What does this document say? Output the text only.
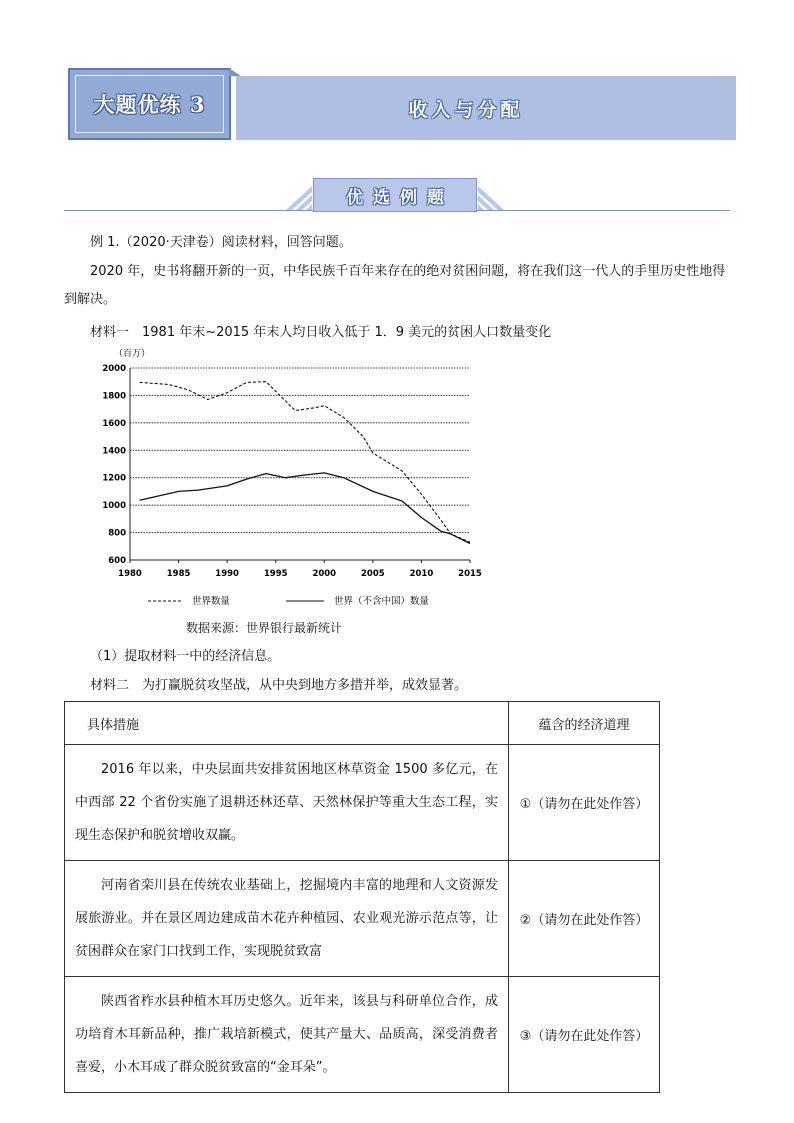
大题优练 3	收入与分配
优选例题
例 1.（2020·天津卷）阅读材料，回答问题。
2020 年，史书将翻开新的一页，中华民族千百年来存在的绝对贫困问题，将在我们这一代人的手里历史性地得到解决。
材料一　1981 年末~2015 年末人均日收入低于 1．9 美元的贫困人口数量变化
（百万）
2000
1800
1600
1400
1200
1000
800
600
1980	1985	1990	1995	2000	2005	2010	2015
世界数量	世界（不含中国）数量
数据来源：世界银行最新统计
（1）提取材料一中的经济信息。
材料二　为打赢脱贫攻坚战，从中央到地方多措并举，成效显著。
具体措施	蕴含的经济道理
2016 年以来，中央层面共安排贫困地区林草资金 1500 多亿元，在中西部 22 个省份实施了退耕还林还草、天然林保护等重大生态工程，实现生态保护和脱贫增收双赢。	①（请勿在此处作答）
河南省栾川县在传统农业基础上，挖掘境内丰富的地理和人文资源发展旅游业。并在景区周边建成苗木花卉种植园、农业观光游示范点等，让贫困群众在家门口找到工作，实现脱贫致富	②（请勿在此处作答）
陕西省柞水县种植木耳历史悠久。近年来，该县与科研单位合作，成功培育木耳新品种，推广栽培新模式，使其产量大、品质高，深受消费者喜爱，小木耳成了群众脱贫致富的“金耳朵”。	③（请勿在此处作答）
